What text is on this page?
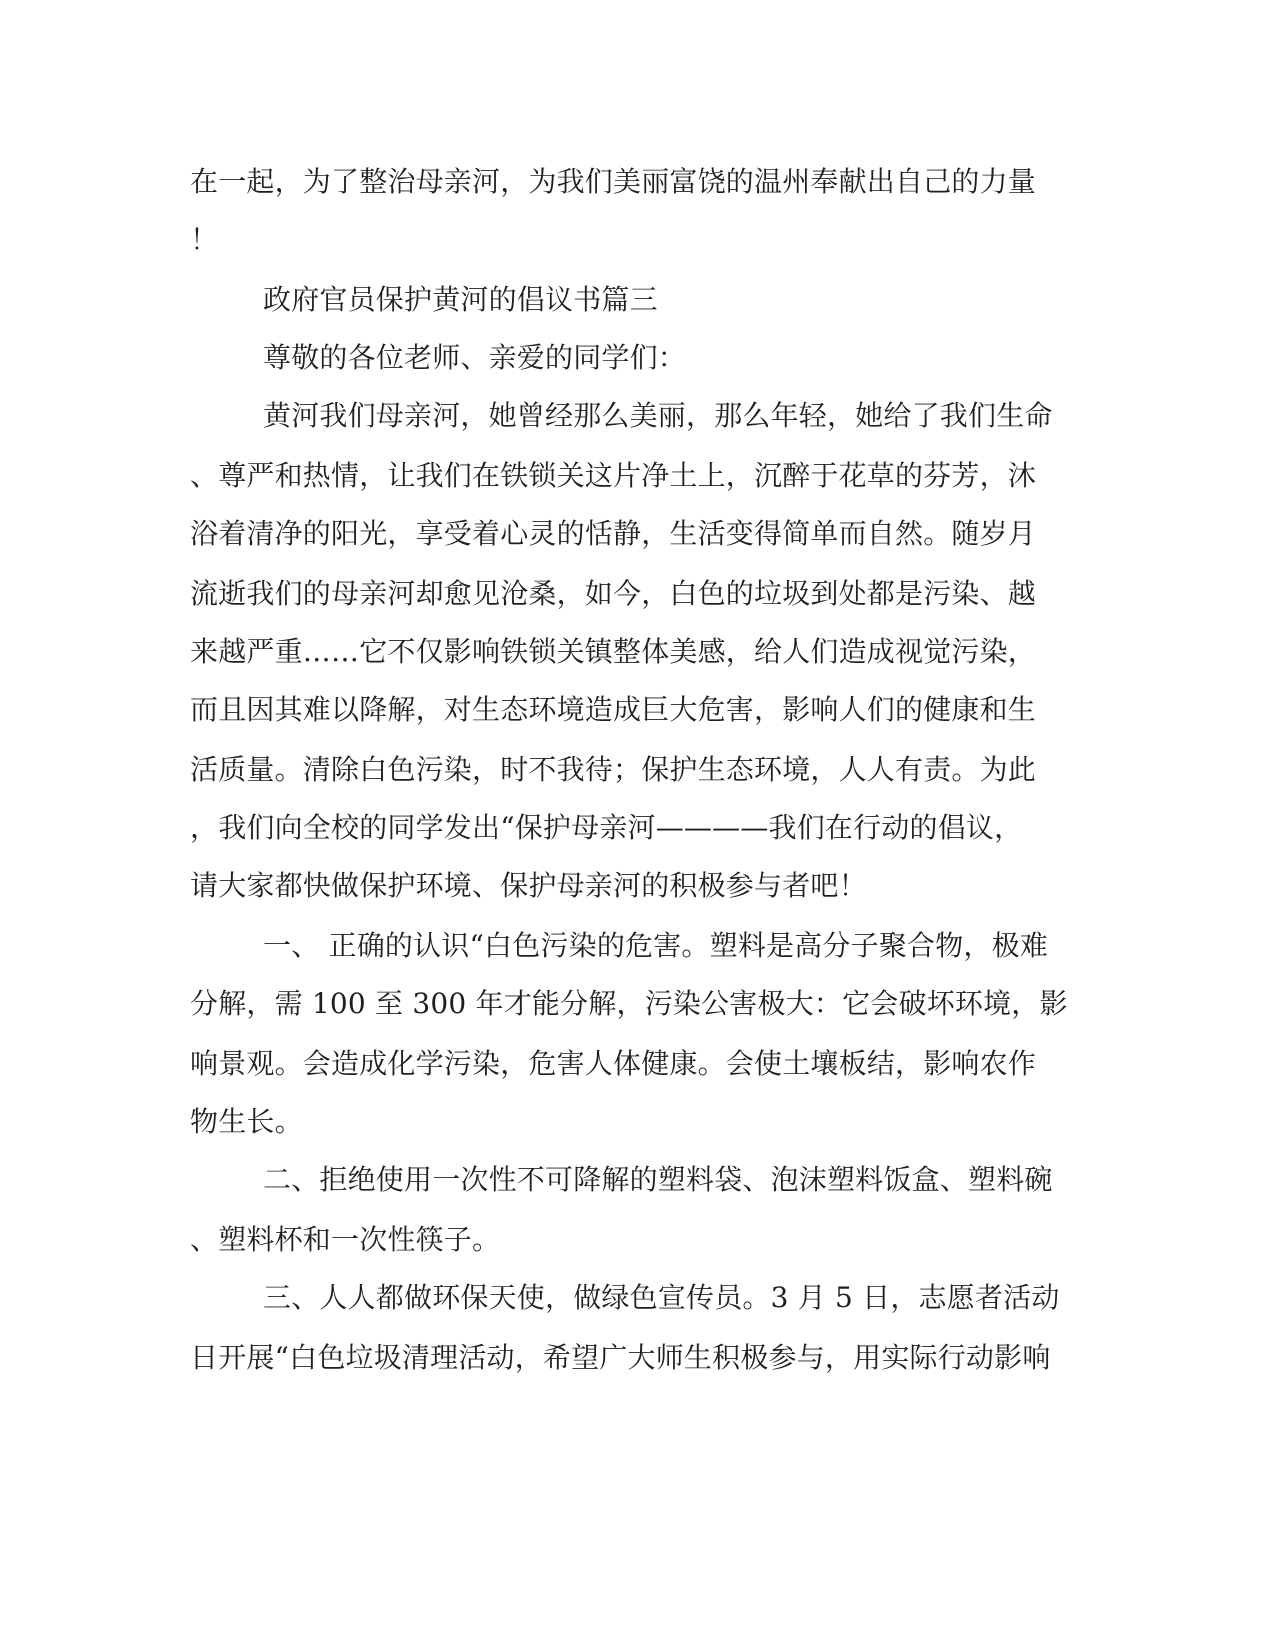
在一起，为了整治母亲河，为我们美丽富饶的温州奉献出自己的力量

！

政府官员保护黄河的倡议书篇三

尊敬的各位老师、亲爱的同学们：

黄河我们母亲河，她曾经那么美丽，那么年轻，她给了我们生命

、尊严和热情，让我们在铁锁关这片净土上，沉醉于花草的芬芳，沐

浴着清净的阳光，享受着心灵的恬静，生活变得简单而自然。随岁月

流逝我们的母亲河却愈见沧桑，如今，白色的垃圾到处都是污染、越

来越严重……它不仅影响铁锁关镇整体美感，给人们造成视觉污染，

而且因其难以降解，对生态环境造成巨大危害，影响人们的健康和生

活质量。清除白色污染，时不我待；保护生态环境，人人有责。为此

，我们向全校的同学发出“保护母亲河————我们在行动的倡议，

请大家都快做保护环境、保护母亲河的积极参与者吧！

一、 正确的认识“白色污染的危害。塑料是高分子聚合物，极难

分解，需 100 至 300 年才能分解，污染公害极大：它会破坏环境，影

响景观。会造成化学污染，危害人体健康。会使土壤板结，影响农作

物生长。

二、拒绝使用一次性不可降解的塑料袋、泡沫塑料饭盒、塑料碗

、塑料杯和一次性筷子。

三、人人都做环保天使，做绿色宣传员。3 月 5 日，志愿者活动

日开展“白色垃圾清理活动，希望广大师生积极参与，用实际行动影响
